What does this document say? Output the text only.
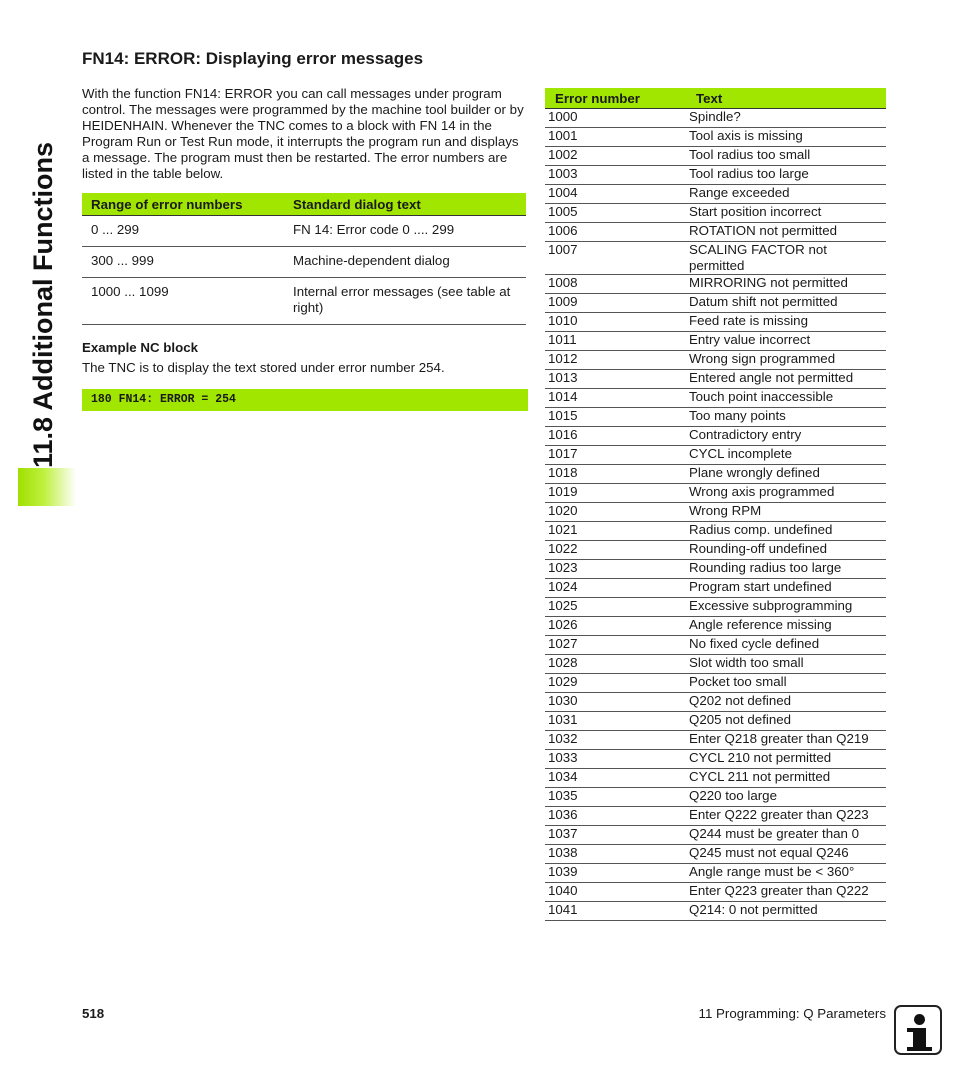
11.8 Additional Functions
FN14: ERROR: Displaying error messages

With the function FN14: ERROR you can call messages under program control. The messages were programmed by the machine tool builder or by HEIDENHAIN. Whenever the TNC comes to a block with FN 14 in the Program Run or Test Run mode, it interrupts the program run and displays a message. The program must then be restarted. The error numbers are listed in the table below.

Range of error numbers	Standard dialog text
0 ... 299	FN 14: Error code 0 .... 299
300 ... 999	Machine-dependent dialog
1000 ... 1099	Internal error messages (see table at right)

Example NC block

The TNC is to display the text stored under error number 254.

180 FN14: ERROR = 254
Error number	Text
1000	Spindle?
1001	Tool axis is missing
1002	Tool radius too small
1003	Tool radius too large
1004	Range exceeded
1005	Start position incorrect
1006	ROTATION not permitted
1007	SCALING FACTOR not permitted
1008	MIRRORING not permitted
1009	Datum shift not permitted
1010	Feed rate is missing
1011	Entry value incorrect
1012	Wrong sign programmed
1013	Entered angle not permitted
1014	Touch point inaccessible
1015	Too many points
1016	Contradictory entry
1017	CYCL incomplete
1018	Plane wrongly defined
1019	Wrong axis programmed
1020	Wrong RPM
1021	Radius comp. undefined
1022	Rounding-off undefined
1023	Rounding radius too large
1024	Program start undefined
1025	Excessive subprogramming
1026	Angle reference missing
1027	No fixed cycle defined
1028	Slot width too small
1029	Pocket too small
1030	Q202 not defined
1031	Q205 not defined
1032	Enter Q218 greater than Q219
1033	CYCL 210 not permitted
1034	CYCL 211 not permitted
1035	Q220 too large
1036	Enter Q222 greater than Q223
1037	Q244 must be greater than 0
1038	Q245 must not equal Q246
1039	Angle range must be < 360°
1040	Enter Q223 greater than Q222
1041	Q214: 0 not permitted
518	11 Programming: Q Parameters
